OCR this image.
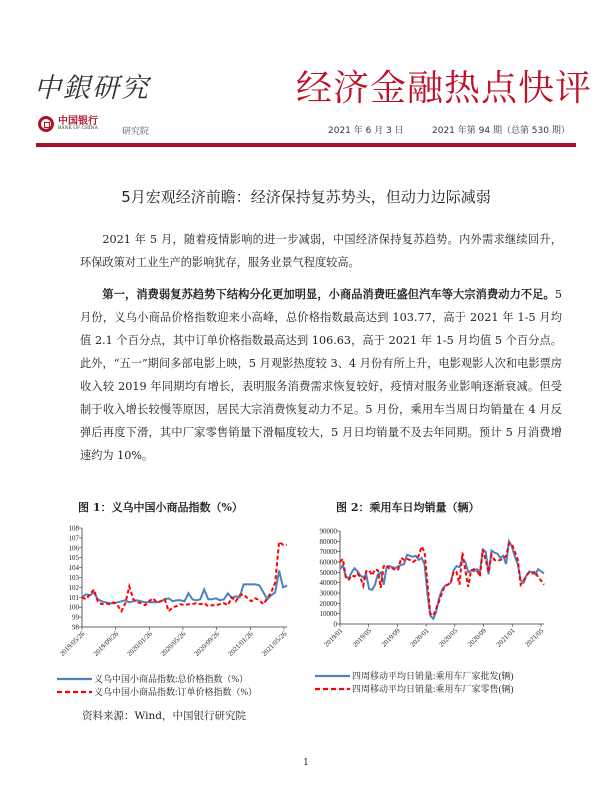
中銀研究	经济金融热点快评
中国银行
BANK OF CHINA	研究院	2021 年 6 月 3 日	2021 年第 94 期（总第 530 期）
5月宏观经济前瞻：经济保持复苏势头，但动力边际减弱
2021 年 5 月，随着疫情影响的进一步减弱，中国经济保持复苏趋势。内外需求继续回升，环保政策对工业生产的影响犹存，服务业景气程度较高。
第一，消费弱复苏趋势下结构分化更加明显，小商品消费旺盛但汽车等大宗消费动力不足。5 月份，义乌小商品价格指数迎来小高峰，总价格指数最高达到 103.77，高于 2021 年 1-5 月均值 2.1 个百分点，其中订单价格指数最高达到 106.63，高于 2021 年 1-5 月均值 5 个百分点。此外，“五一”期间多部电影上映，5 月观影热度较 3、4 月份有所上升，电影观影人次和电影票房收入较 2019 年同期均有增长，表明服务消费需求恢复较好，疫情对服务业影响逐渐衰减。但受制于收入增长较慢等原因，居民大宗消费恢复动力不足。5 月份，乘用车当周日均销量在 4 月反弹后再度下滑，其中厂家零售销量下滑幅度较大，5 月日均销量不及去年同期。预计 5 月消费增速约为 10%。
图 1：义乌中国小商品指数（%）	图 2：乘用车日均销量（辆）
98
99
100
101
102
103
104
105
106
107
108
2019/05/26 2019/09/26 2020/01/26 2020/05/26 2020/09/26 2021/01/26 2021/05/26
义乌中国小商品指数:总价格指数（%）
义乌中国小商品指数:订单价格指数（%）
0
10000
20000
30000
40000
50000
60000
70000
80000
90000
2019/01 2019/05 2019/09 2020/01 2020/05 2020/09 2021/01 2021/05
四周移动平均日销量:乘用车厂家批发(辆)
四周移动平均日销量:乘用车厂家零售(辆)
资料来源：Wind，中国银行研究院
1
